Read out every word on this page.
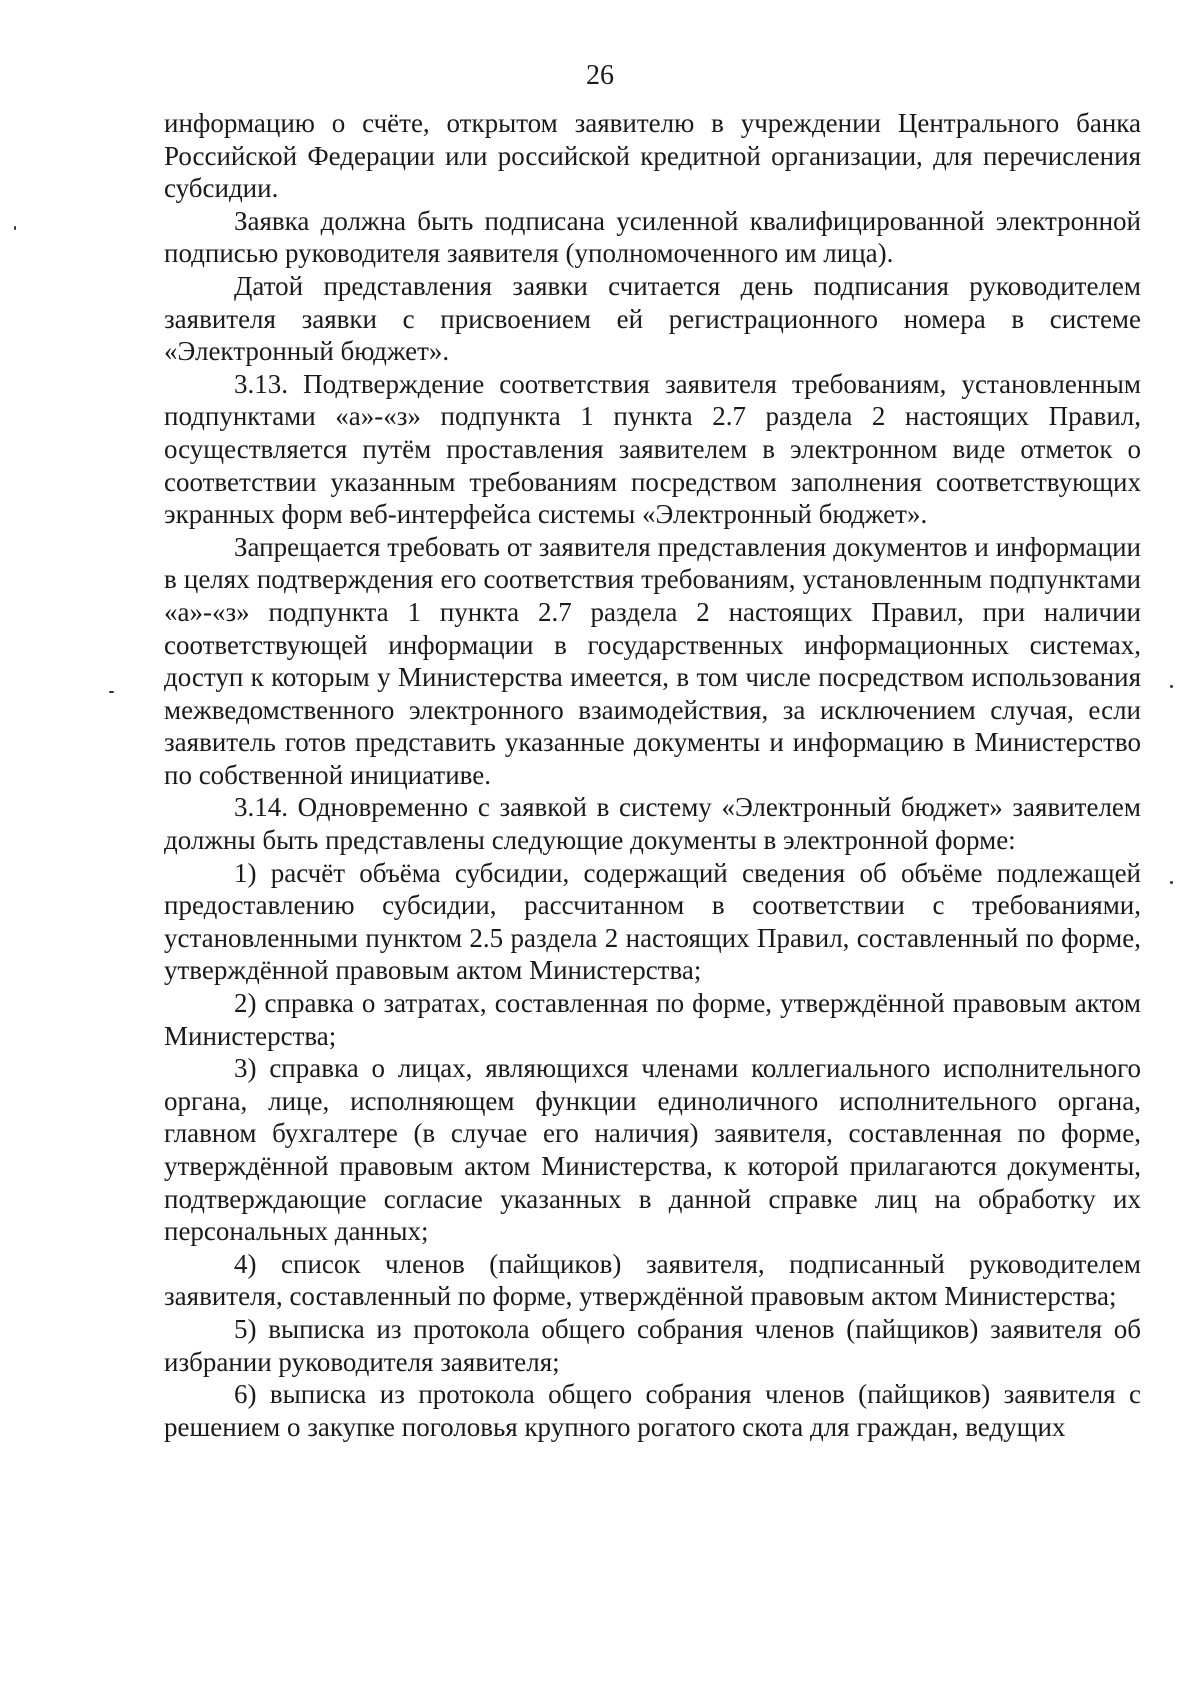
26

информацию о счёте, открытом заявителю в учреждении Центрального банка Российской Федерации или российской кредитной организации, для перечисления субсидии.

Заявка должна быть подписана усиленной квалифицированной электронной подписью руководителя заявителя (уполномоченного им лица).

Датой представления заявки считается день подписания руководителем заявителя заявки с присвоением ей регистрационного номера в системе «Электронный бюджет».

3.13. Подтверждение соответствия заявителя требованиям, установленным подпунктами «а»-«з» подпункта 1 пункта 2.7 раздела 2 настоящих Правил, осуществляется путём проставления заявителем в электронном виде отметок о соответствии указанным требованиям посредством заполнения соответствующих экранных форм веб-интерфейса системы «Электронный бюджет».

Запрещается требовать от заявителя представления документов и информации в целях подтверждения его соответствия требованиям, установленным подпунктами «а»-«з» подпункта 1 пункта 2.7 раздела 2 настоящих Правил, при наличии соответствующей информации в государственных информационных системах, доступ к которым у Министерства имеется, в том числе посредством использования межведомственного электронного взаимодействия, за исключением случая, если заявитель готов представить указанные документы и информацию в Министерство по собственной инициативе.

3.14. Одновременно с заявкой в систему «Электронный бюджет» заявителем должны быть представлены следующие документы в электронной форме:

1) расчёт объёма субсидии, содержащий сведения об объёме подлежащей предоставлению субсидии, рассчитанном в соответствии с требованиями, установленными пунктом 2.5 раздела 2 настоящих Правил, составленный по форме, утверждённой правовым актом Министерства;

2) справка о затратах, составленная по форме, утверждённой правовым актом Министерства;

3) справка о лицах, являющихся членами коллегиального исполнительного органа, лице, исполняющем функции единоличного исполнительного органа, главном бухгалтере (в случае его наличия) заявителя, составленная по форме, утверждённой правовым актом Министерства, к которой прилагаются документы, подтверждающие согласие указанных в данной справке лиц на обработку их персональных данных;

4) список членов (пайщиков) заявителя, подписанный руководителем заявителя, составленный по форме, утверждённой правовым актом Министерства;

5) выписка из протокола общего собрания членов (пайщиков) заявителя об избрании руководителя заявителя;

6) выписка из протокола общего собрания членов (пайщиков) заявителя с решением о закупке поголовья крупного рогатого скота для граждан, ведущих
